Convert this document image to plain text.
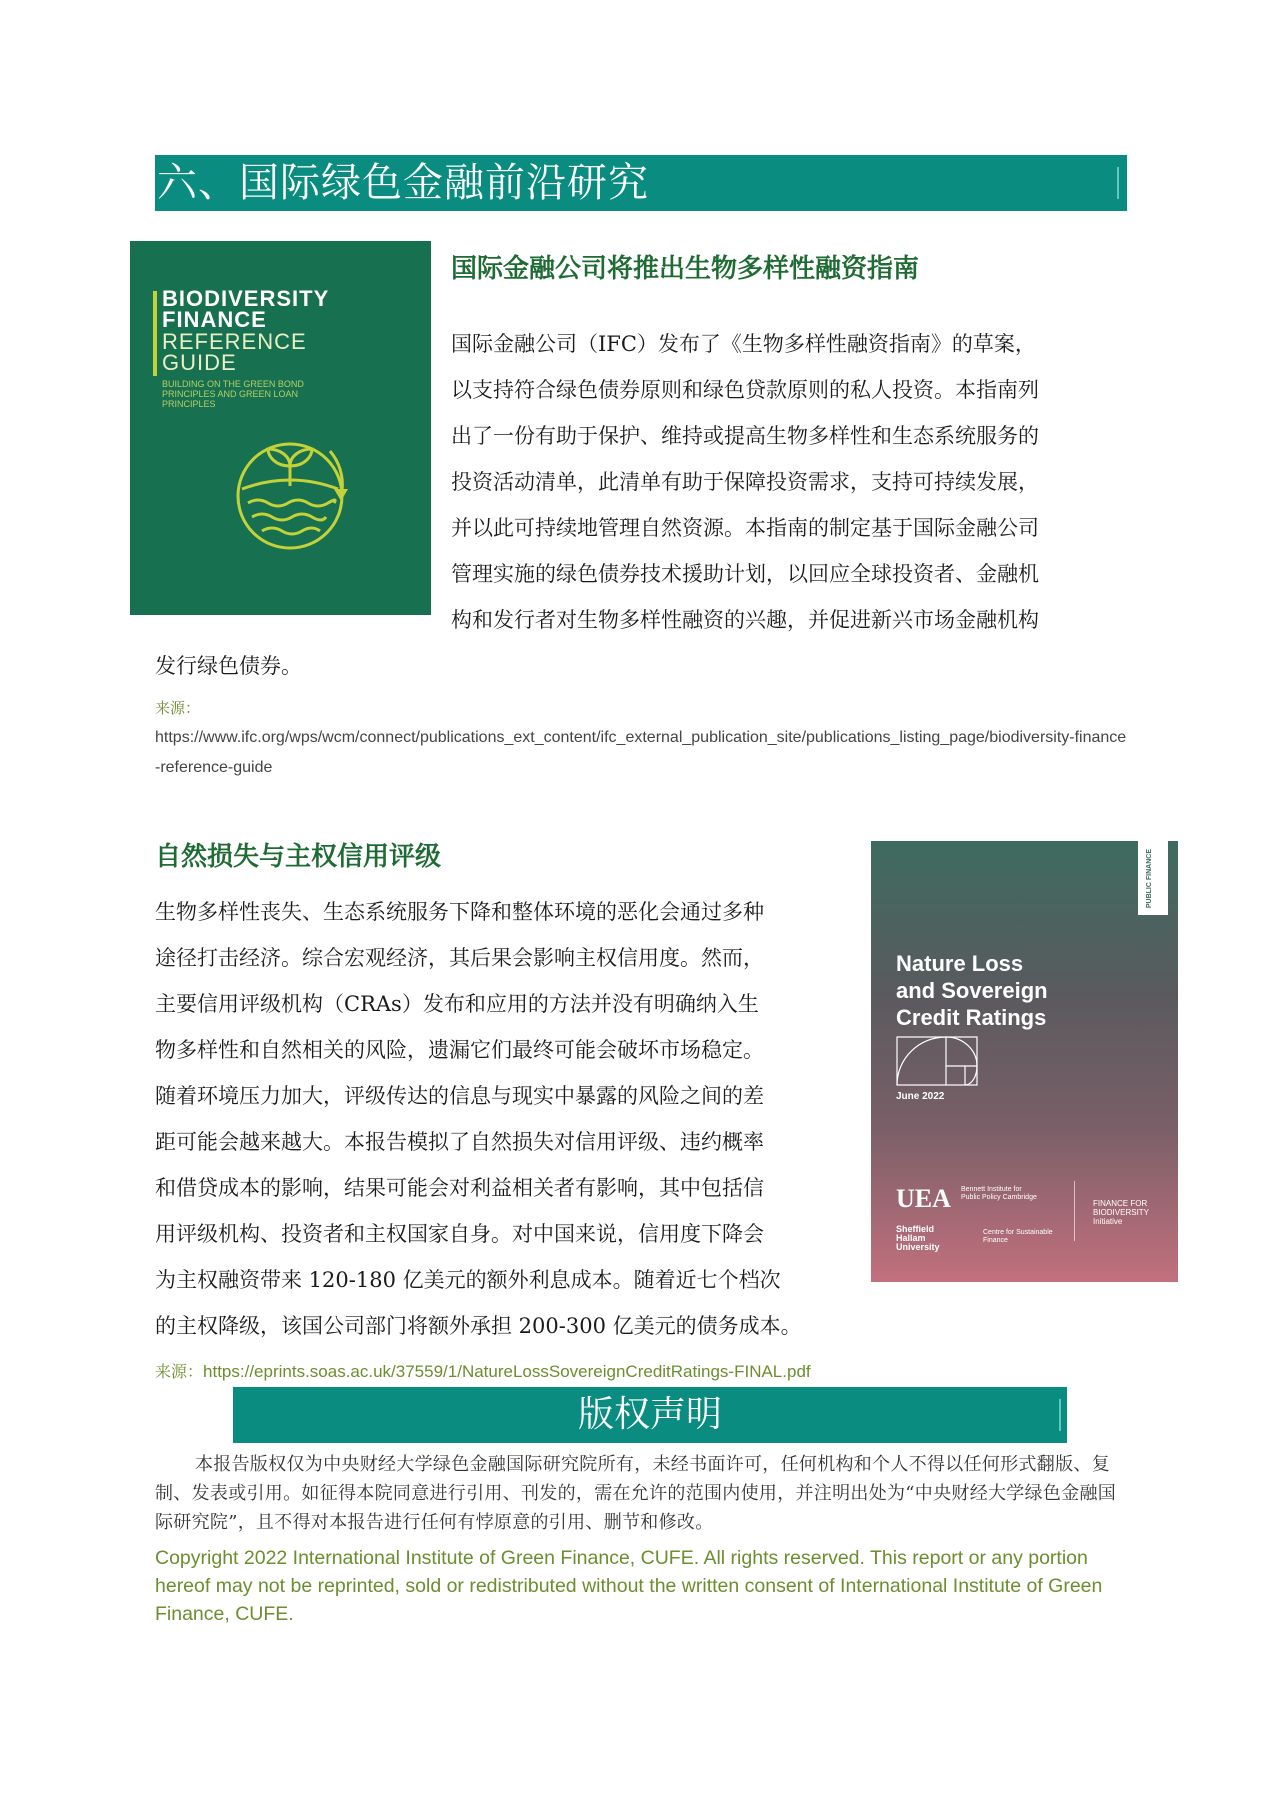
六、国际绿色金融前沿研究
BIODIVERSITY
FINANCE
REFERENCE
GUIDE
BUILDING ON THE GREEN BOND PRINCIPLES AND GREEN LOAN PRINCIPLES
国际金融公司将推出生物多样性融资指南
国际金融公司（IFC）发布了《生物多样性融资指南》的草案，
以支持符合绿色债券原则和绿色贷款原则的私人投资。本指南列
出了一份有助于保护、维持或提高生物多样性和生态系统服务的
投资活动清单，此清单有助于保障投资需求，支持可持续发展，
并以此可持续地管理自然资源。本指南的制定基于国际金融公司
管理实施的绿色债券技术援助计划，以回应全球投资者、金融机
构和发行者对生物多样性融资的兴趣，并促进新兴市场金融机构
发行绿色债券。
来源：
https://www.ifc.org/wps/wcm/connect/publications_ext_content/ifc_external_publication_site/publications_listing_page/biodiversity-finance-reference-guide
自然损失与主权信用评级
生物多样性丧失、生态系统服务下降和整体环境的恶化会通过多种
途径打击经济。综合宏观经济，其后果会影响主权信用度。然而，
主要信用评级机构（CRAs）发布和应用的方法并没有明确纳入生
物多样性和自然相关的风险，遗漏它们最终可能会破坏市场稳定。
随着环境压力加大，评级传达的信息与现实中暴露的风险之间的差
距可能会越来越大。本报告模拟了自然损失对信用评级、违约概率
和借贷成本的影响，结果可能会对利益相关者有影响，其中包括信
用评级机构、投资者和主权国家自身。对中国来说，信用度下降会
为主权融资带来 120-180 亿美元的额外利息成本。随着近七个档次
的主权降级，该国公司部门将额外承担 200-300 亿美元的债务成本。
PUBLIC FINANCE
Nature Loss
and Sovereign
Credit Ratings
June 2022
UEA Bennett Institute for Public Policy Cambridge
Sheffield Hallam University
Centre for Sustainable Finance
FINANCE FOR BIODIVERSITY Initiative
来源：https://eprints.soas.ac.uk/37559/1/NatureLossSovereignCreditRatings-FINAL.pdf
版权声明
本报告版权仅为中央财经大学绿色金融国际研究院所有，未经书面许可，任何机构和个人不得以任何形式翻版、复制、发表或引用。如征得本院同意进行引用、刊发的，需在允许的范围内使用，并注明出处为“中央财经大学绿色金融国际研究院”，且不得对本报告进行任何有悖原意的引用、删节和修改。
Copyright 2022 International Institute of Green Finance, CUFE. All rights reserved. This report or any portion hereof may not be reprinted, sold or redistributed without the written consent of International Institute of Green Finance, CUFE.
